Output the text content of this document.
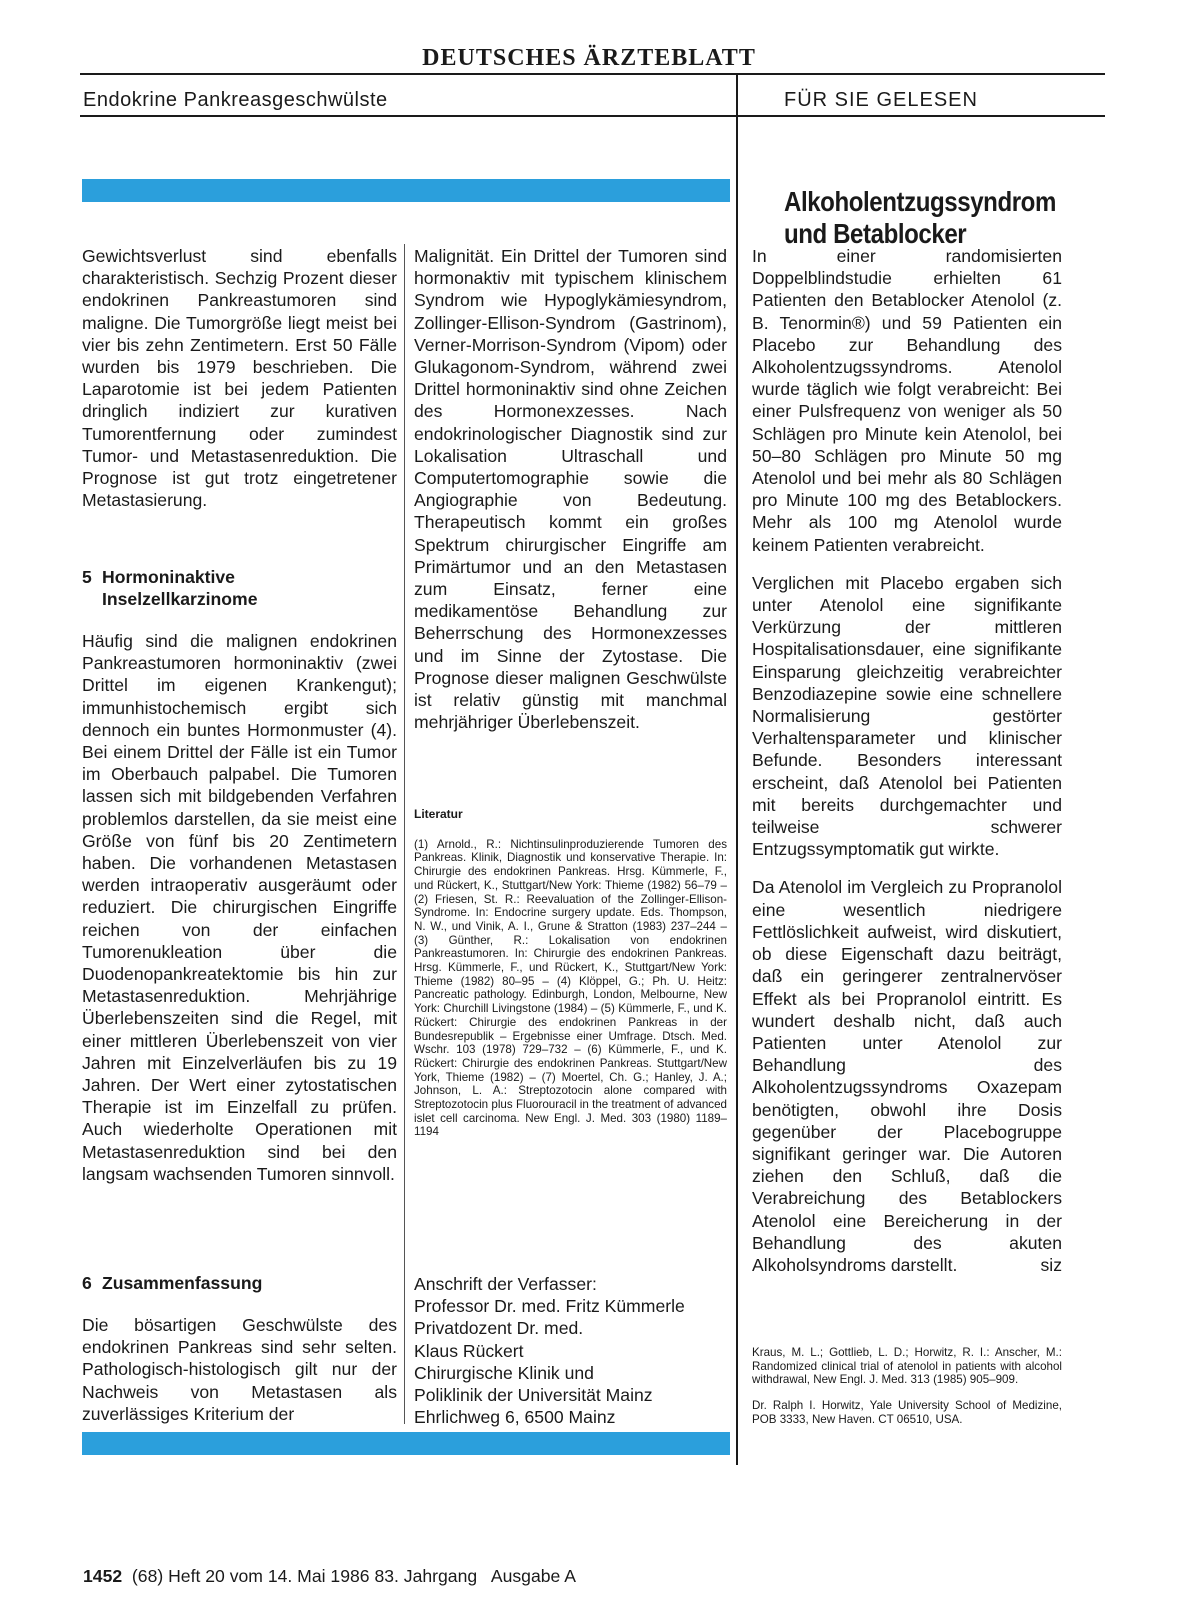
DEUTSCHES ÄRZTEBLATT
Endokrine Pankreasgeschwülste	FÜR SIE GELESEN

Gewichtsverlust sind ebenfalls charakteristisch. Sechzig Prozent dieser endokrinen Pankreastumoren sind maligne. Die Tumorgröße liegt meist bei vier bis zehn Zentimetern. Erst 50 Fälle wurden bis 1979 beschrieben. Die Laparotomie ist bei jedem Patienten dringlich indiziert zur kurativen Tumorentfernung oder zumindest Tumor- und Metastasenreduktion. Die Prognose ist gut trotz eingetretener Metastasierung.

5 Hormoninaktive
Inselzellkarzinome

Häufig sind die malignen endokrinen Pankreastumoren hormoninaktiv (zwei Drittel im eigenen Krankengut); immunhistochemisch ergibt sich dennoch ein buntes Hormonmuster (4). Bei einem Drittel der Fälle ist ein Tumor im Oberbauch palpabel. Die Tumoren lassen sich mit bildgebenden Verfahren problemlos darstellen, da sie meist eine Größe von fünf bis 20 Zentimetern haben. Die vorhandenen Metastasen werden intraoperativ ausgeräumt oder reduziert. Die chirurgischen Eingriffe reichen von der einfachen Tumorenukleation über die Duodenopankreatektomie bis hin zur Metastasenreduktion. Mehrjährige Überlebenszeiten sind die Regel, mit einer mittleren Überlebenszeit von vier Jahren mit Einzelverläufen bis zu 19 Jahren. Der Wert einer zytostatischen Therapie ist im Einzelfall zu prüfen. Auch wiederholte Operationen mit Metastasenreduktion sind bei den langsam wachsenden Tumoren sinnvoll.

6 Zusammenfassung

Die bösartigen Geschwülste des endokrinen Pankreas sind sehr selten. Pathologisch-histologisch gilt nur der Nachweis von Metastasen als zuverlässiges Kriterium der

Malignität. Ein Drittel der Tumoren sind hormonaktiv mit typischem klinischem Syndrom wie Hypoglykämiesyndrom, Zollinger-Ellison-Syndrom (Gastrinom), Verner-Morrison-Syndrom (Vipom) oder Glukagonom-Syndrom, während zwei Drittel hormoninaktiv sind ohne Zeichen des Hormonexzesses. Nach endokrinologischer Diagnostik sind zur Lokalisation Ultraschall und Computertomographie sowie die Angiographie von Bedeutung. Therapeutisch kommt ein großes Spektrum chirurgischer Eingriffe am Primärtumor und an den Metastasen zum Einsatz, ferner eine medikamentöse Behandlung zur Beherrschung des Hormonexzesses und im Sinne der Zytostase. Die Prognose dieser malignen Geschwülste ist relativ günstig mit manchmal mehrjähriger Überlebenszeit.

Literatur

(1) Arnold., R.: Nichtinsulinproduzierende Tumoren des Pankreas. Klinik, Diagnostik und konservative Therapie. In: Chirurgie des endokrinen Pankreas. Hrsg. Kümmerle, F., und Rückert, K., Stuttgart/New York: Thieme (1982) 56–79 – (2) Friesen, St. R.: Reevaluation of the Zollinger-Ellison-Syndrome. In: Endocrine surgery update. Eds. Thompson, N. W., und Vinik, A. I., Grune & Stratton (1983) 237–244 – (3) Günther, R.: Lokalisation von endokrinen Pankreastumoren. In: Chirurgie des endokrinen Pankreas. Hrsg. Kümmerle, F., und Rückert, K., Stuttgart/New York: Thieme (1982) 80–95 – (4) Klöppel, G.; Ph. U. Heitz: Pancreatic pathology. Edinburgh, London, Melbourne, New York: Churchill Livingstone (1984) – (5) Kümmerle, F., und K. Rückert: Chirurgie des endokrinen Pankreas in der Bundesrepublik – Ergebnisse einer Umfrage. Dtsch. Med. Wschr. 103 (1978) 729–732 – (6) Kümmerle, F., und K. Rückert: Chirurgie des endokrinen Pankreas. Stuttgart/New York, Thieme (1982) – (7) Moertel, Ch. G.; Hanley, J. A.; Johnson, L. A.: Streptozotocin alone compared with Streptozotocin plus Fluorouracil in the treatment of advanced islet cell carcinoma. New Engl. J. Med. 303 (1980) 1189–1194

Anschrift der Verfasser:
Professor Dr. med. Fritz Kümmerle
Privatdozent Dr. med.
Klaus Rückert
Chirurgische Klinik und
Poliklinik der Universität Mainz
Ehrlichweg 6, 6500 Mainz
Alkoholentzugssyndrom
und Betablocker

In einer randomisierten Doppelblindstudie erhielten 61 Patienten den Betablocker Atenolol (z. B. Tenormin®) und 59 Patienten ein Placebo zur Behandlung des Alkoholentzugssyndroms. Atenolol wurde täglich wie folgt verabreicht: Bei einer Pulsfrequenz von weniger als 50 Schlägen pro Minute kein Atenolol, bei 50–80 Schlägen pro Minute 50 mg Atenolol und bei mehr als 80 Schlägen pro Minute 100 mg des Betablockers. Mehr als 100 mg Atenolol wurde keinem Patienten verabreicht.

Verglichen mit Placebo ergaben sich unter Atenolol eine signifikante Verkürzung der mittleren Hospitalisationsdauer, eine signifikante Einsparung gleichzeitig verabreichter Benzodiazepine sowie eine schnellere Normalisierung gestörter Verhaltensparameter und klinischer Befunde. Besonders interessant erscheint, daß Atenolol bei Patienten mit bereits durchgemachter und teilweise schwerer Entzugssymptomatik gut wirkte.

Da Atenolol im Vergleich zu Propranolol eine wesentlich niedrigere Fettlöslichkeit aufweist, wird diskutiert, ob diese Eigenschaft dazu beiträgt, daß ein geringerer zentralnervöser Effekt als bei Propranolol eintritt. Es wundert deshalb nicht, daß auch Patienten unter Atenolol zur Behandlung des Alkoholentzugssyndroms Oxazepam benötigten, obwohl ihre Dosis gegenüber der Placebogruppe signifikant geringer war. Die Autoren ziehen den Schluß, daß die Verabreichung des Betablockers Atenolol eine Bereicherung in der Behandlung des akuten Alkoholsyndroms darstellt.	siz

Kraus, M. L.; Gottlieb, L. D.; Horwitz, R. I.: Anscher, M.: Randomized clinical trial of atenolol in patients with alcohol withdrawal, New Engl. J. Med. 313 (1985) 905–909.

Dr. Ralph I. Horwitz, Yale University School of Medizine, POB 3333, New Haven. CT 06510, USA.

1452 (68) Heft 20 vom 14. Mai 1986 83. Jahrgang   Ausgabe A
